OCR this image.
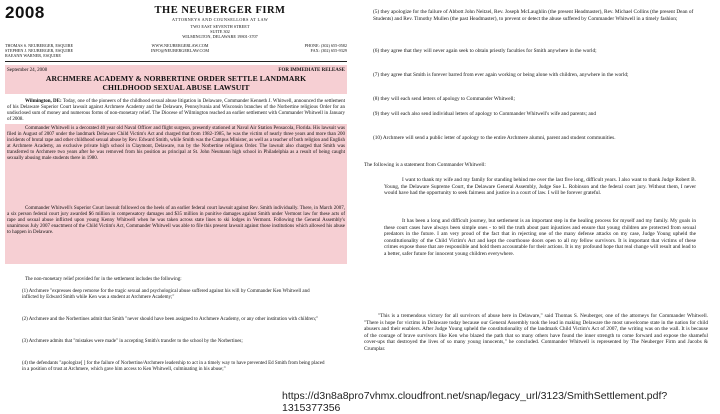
2008	THE NEUBERGER FIRM
ATTORNEYS AND COUNSELLORS AT LAW
TWO EAST SEVENTH STREET
SUITE 302
WILMINGTON, DELAWARE 19801-3707
THOMAS S. NEUBERGER, ESQUIRE
STEPHEN J. NEUBERGER, ESQUIRE
RAEANN WARNER, ESQUIRE
WWW.NEUBERGERLAW.COM
INFO@NEUBERGERLAW.COM
PHONE: (302) 655-0582
FAX: (302) 655-9329
September 24, 2008	FOR IMMEDIATE RELEASE
ARCHMERE ACADEMY & NORBERTINE ORDER SETTLE LANDMARK
CHILDHOOD SEXUAL ABUSE LAWSUIT
Wilmington, DE: Today, one of the pioneers of the childhood sexual abuse litigation in Delaware, Commander Kenneth J. Whitwell, announced the settlement of his Delaware Superior Court lawsuit against Archmere Academy and the Delaware, Pennsylvania and Wisconsin branches of the Norbertine religious Order for an undisclosed sum of money and numerous forms of non-monetary relief. The Diocese of Wilmington reached an earlier settlement with Commander Whitwell in January of 2008.
Commander Whitwell is a decorated 40 year old Naval Officer and flight surgeon, presently stationed at Naval Air Station Pensacola, Florida. His lawsuit was filed in August of 2007 under the landmark Delaware Child Victim's Act and charged that from 1982-1985, he was the victim of nearly three years and more than 200 incidents of brutal rape and other childhood sexual abuse by Rev. Edward Smith, while Smith was the Campus Minister, as well as a teacher of both religion and English at Archmere Academy, an exclusive private high school in Claymont, Delaware, run by the Norbertine religious Order. The lawsuit also charged that Smith was transferred to Archmere two years after he was removed from his position as principal at St. John Neumann high school in Philadelphia as a result of being caught sexually abusing male students there in 1980.
Commander Whitwell's Superior Court lawsuit followed on the heels of an earlier federal court lawsuit against Rev. Smith individually. There, in March 2007, a six person federal court jury awarded $6 million in compensatory damages and $35 million in punitive damages against Smith under Vermont law for these acts of rape and sexual abuse inflicted upon young Kenny Whitwell when he was taken across state lines to ski lodges in Vermont. Following the General Assembly's unanimous July 2007 enactment of the Child Victim's Act, Commander Whitwell was able to file this present lawsuit against those institutions which allowed his abuse to happen in Delaware.
The non-monetary relief provided for in the settlement includes the following:
(1) Archmere "expresses deep remorse for the tragic sexual and psychological abuse suffered against his will by Commander Ken Whitwell and inflicted by Edward Smith while Ken was a student at Archmere Academy;"
(2) Archmere and the Norbertines admit that Smith "never should have been assigned to Archmere Academy, or any other institution with children;"
(3) Archmere admits that "mistakes were made" in accepting Smith's transfer to the school by the Norbertines;
(4) the defendants "apologize[ ] for the failure of Norbertine/Archmere leadership to act in a timely way to have prevented Ed Smith from being placed in a position of trust at Archmere, which gave him access to Ken Whitwell, culminating in his abuse;"
(5) they apologize for the failure of Abbott John Neitzel, Rev. Joseph McLaughlin (the present Headmaster), Rev. Michael Collins (the present Dean of Students) and Rev. Timothy Mullen (the past Headmaster), to prevent or detect the abuse suffered by Commander Whitwell in a timely fashion;
(6) they agree that they will never again seek to obtain priestly faculties for Smith anywhere in the world;
(7) they agree that Smith is forever barred from ever again working or being alone with children, anywhere in the world;
(8) they will each send letters of apology to Commander Whitwell;
(9) they will each also send individual letters of apology to Commander Whitwell's wife and parents; and
(10) Archmere will send a public letter of apology to the entire Archmere alumni, parent and student communities.
The following is a statement from Commander Whitwell:
I want to thank my wife and my family for standing behind me over the last five long, difficult years. I also want to thank Judge Robert B. Young, the Delaware Supreme Court, the Delaware General Assembly, Judge Sue L. Robinson and the federal court jury. Without them, I never would have had the opportunity to seek fairness and justice in a court of law. I will be forever grateful.
It has been a long and difficult journey, but settlement is an important step in the healing process for myself and my family. My goals in these court cases have always been simple ones - to tell the truth about past injustices and ensure that young children are protected from sexual predators in the future. I am very proud of the fact that in rejecting one of the many defense attacks on my case, Judge Young upheld the constitutionality of the Child Victim's Act and kept the courthouse doors open to all my fellow survivors. It is important that victims of these crimes expose those that are responsible and hold them accountable for their actions. It is my profound hope that real change will result and lead to a better, safer future for innocent young children everywhere.
"This is a tremendous victory for all survivors of abuse here in Delaware," said Thomas S. Neuberger, one of the attorneys for Commander Whitwell. "There is hope for victims in Delaware today because our General Assembly took the lead in making Delaware the most unwelcome state in the nation for child abusers and their enablers. After Judge Young upheld the constitutionality of the landmark Child Victim's Act of 2007, the writing was on the wall. It is because of the courage of brave survivors like Ken who blazed the path that so many others have found the inner strength to come forward and expose the shameful cover-ups that destroyed the lives of so many young innocents," he concluded. Commander Whitwell is represented by The Neuberger Firm and Jacobs & Crumplar.
https://d3n8a8pro7vhmx.cloudfront.net/snap/legacy_url/3123/SmithSettlement.pdf?1315377356
